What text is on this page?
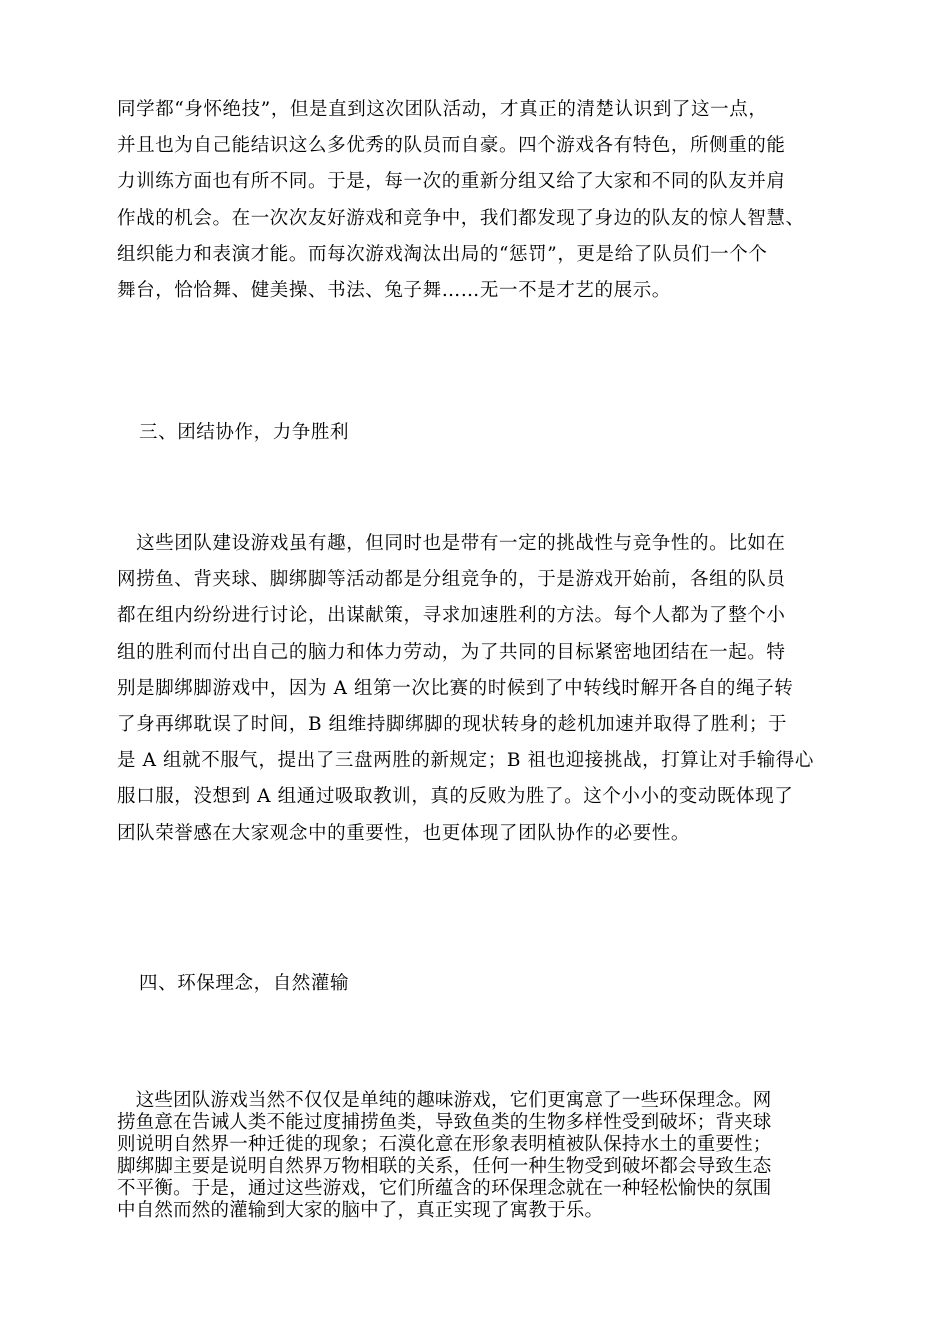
同学都“身怀绝技”，但是直到这次团队活动，才真正的清楚认识到了这一点，
并且也为自己能结识这么多优秀的队员而自豪。四个游戏各有特色，所侧重的能
力训练方面也有所不同。于是，每一次的重新分组又给了大家和不同的队友并肩
作战的机会。在一次次友好游戏和竞争中，我们都发现了身边的队友的惊人智慧、
组织能力和表演才能。而每次游戏淘汰出局的“惩罚”，更是给了队员们一个个
舞台，恰恰舞、健美操、书法、兔子舞……无一不是才艺的展示。
三、团结协作，力争胜利
　这些团队建设游戏虽有趣，但同时也是带有一定的挑战性与竞争性的。比如在
网捞鱼、背夹球、脚绑脚等活动都是分组竞争的，于是游戏开始前，各组的队员
都在组内纷纷进行讨论，出谋献策，寻求加速胜利的方法。每个人都为了整个小
组的胜利而付出自己的脑力和体力劳动，为了共同的目标紧密地团结在一起。特
别是脚绑脚游戏中，因为 A 组第一次比赛的时候到了中转线时解开各自的绳子转
了身再绑耽误了时间，B 组维持脚绑脚的现状转身的趁机加速并取得了胜利；于
是 A 组就不服气，提出了三盘两胜的新规定；B 祖也迎接挑战，打算让对手输得心
服口服，没想到 A 组通过吸取教训，真的反败为胜了。这个小小的变动既体现了
团队荣誉感在大家观念中的重要性，也更体现了团队协作的必要性。
四、环保理念，自然灌输
　这些团队游戏当然不仅仅是单纯的趣味游戏，它们更寓意了一些环保理念。网
捞鱼意在告诫人类不能过度捕捞鱼类，导致鱼类的生物多样性受到破坏；背夹球
则说明自然界一种迁徙的现象；石漠化意在形象表明植被队保持水土的重要性；
脚绑脚主要是说明自然界万物相联的关系，任何一种生物受到破坏都会导致生态
不平衡。于是，通过这些游戏，它们所蕴含的环保理念就在一种轻松愉快的氛围
中自然而然的灌输到大家的脑中了，真正实现了寓教于乐。
